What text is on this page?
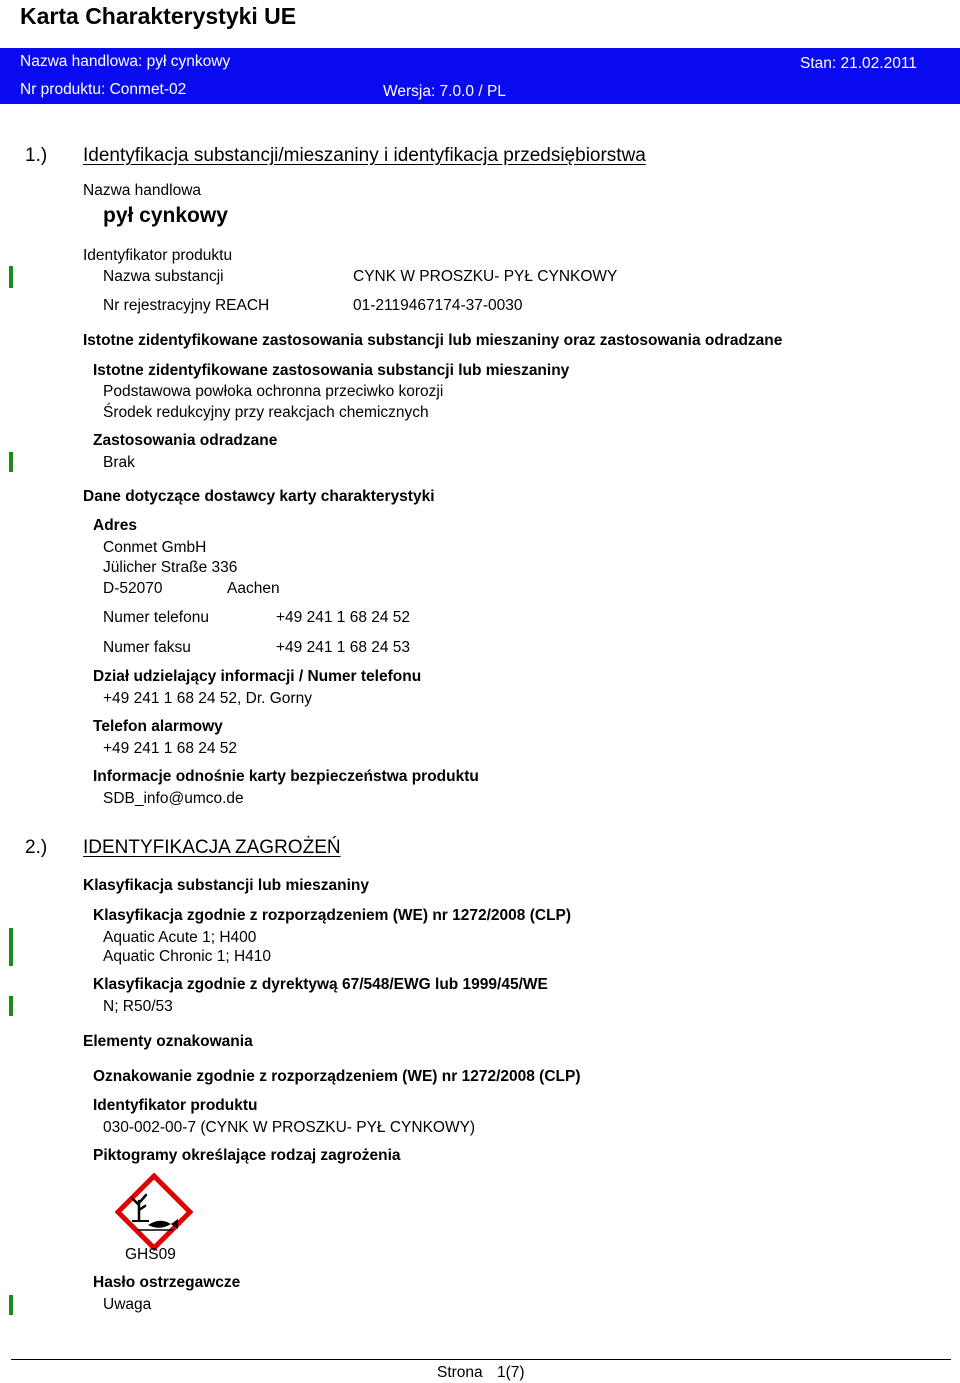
Karta Charakterystyki UE
Nazwa handlowa: pył cynkowy
Nr produktu: Conmet-02	Wersja: 7.0.0 / PL
Stan: 21.02.2011
1.) Identyfikacja substancji/mieszaniny i identyfikacja przedsiębiorstwa
Nazwa handlowa
pył cynkowy
Identyfikator produktu
Nazwa substancji	CYNK W PROSZKU- PYŁ CYNKOWY
Nr rejestracyjny REACH	01-2119467174-37-0030
Istotne zidentyfikowane zastosowania substancji lub mieszaniny oraz zastosowania odradzane
Istotne zidentyfikowane zastosowania substancji lub mieszaniny
Podstawowa powłoka ochronna przeciwko korozji
Środek redukcyjny przy reakcjach chemicznych
Zastosowania odradzane
Brak
Dane dotyczące dostawcy karty charakterystyki
Adres
Conmet GmbH
Jülicher Straße 336
D-52070	Aachen
Numer telefonu	+49 241 1 68 24 52
Numer faksu	+49 241 1 68 24 53
Dział udzielający informacji / Numer telefonu
+49 241 1 68 24 52, Dr. Gorny
Telefon alarmowy
+49 241 1 68 24 52
Informacje odnośnie karty bezpieczeństwa produktu
SDB_info@umco.de
2.) IDENTYFIKACJA ZAGROŻEŃ
Klasyfikacja substancji lub mieszaniny
Klasyfikacja zgodnie z rozporządzeniem (WE) nr 1272/2008 (CLP)
Aquatic Acute 1; H400
Aquatic Chronic 1; H410
Klasyfikacja zgodnie z dyrektywą 67/548/EWG lub 1999/45/WE
N; R50/53
Elementy oznakowania
Oznakowanie zgodnie z rozporządzeniem (WE) nr 1272/2008 (CLP)
Identyfikator produktu
030-002-00-7 (CYNK W PROSZKU- PYŁ CYNKOWY)
Piktogramy określające rodzaj zagrożenia
GHS09
Hasło ostrzegawcze
Uwaga
Strona 1(7)
